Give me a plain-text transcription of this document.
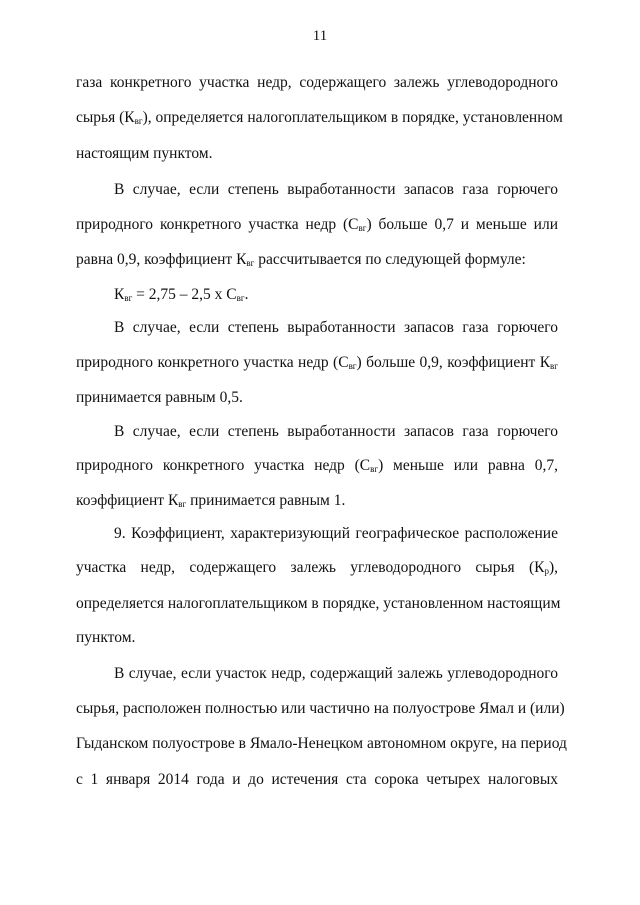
11
газа конкретного участка недр, содержащего залежь углеводородного
сырья $(К_{вг})$, определяется налогоплательщиком в порядке, установленном
настоящим пунктом.
В случае, если степень выработанности запасов газа горючего
природного конкретного участка недр $(С_{вг})$ больше 0,7 и меньше или
равна 0,9, коэффициент $К_{вг}$ рассчитывается по следующей формуле:
$К_{вг} = 2,75 - 2,5$ х $С_{вг}$.
В случае, если степень выработанности запасов газа горючего
природного конкретного участка недр $(С_{вг})$ больше 0,9, коэффициент $К_{вг}$
принимается равным 0,5.
В случае, если степень выработанности запасов газа горючего
природного конкретного участка недр $(С_{вг})$ меньше или равна 0,7,
коэффициент $К_{вг}$ принимается равным 1.
9. Коэффициент, характеризующий географическое расположение
участка недр, содержащего залежь углеводородного сырья $(К_р)$,
определяется налогоплательщиком в порядке, установленном настоящим
пунктом.
В случае, если участок недр, содержащий залежь углеводородного
сырья, расположен полностью или частично на полуострове Ямал и (или)
Гыданском полуострове в Ямало-Ненецком автономном округе, на период
с 1 января 2014 года и до истечения ста сорока четырех налоговых
